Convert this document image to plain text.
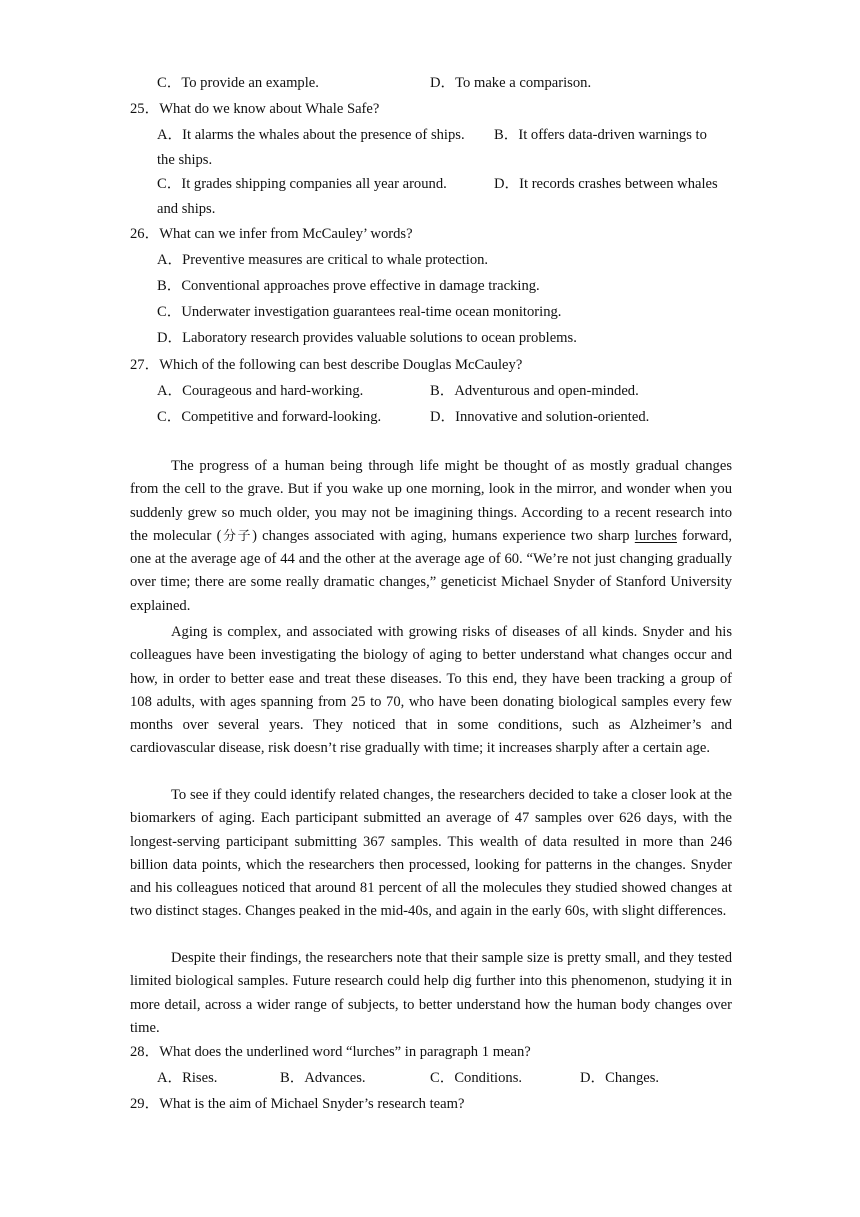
C．To provide an example.	D．To make a comparison.
25．What do we know about Whale Safe?
A．It alarms the whales about the presence of ships. B．It offers data-driven warnings to
the ships.
C．It grades shipping companies all year around.	D．It records crashes between whales
and ships.
26．What can we infer from McCauley’ words?
A．Preventive measures are critical to whale protection.
B．Conventional approaches prove effective in damage tracking.
C．Underwater investigation guarantees real-time ocean monitoring.
D．Laboratory research provides valuable solutions to ocean problems.
27．Which of the following can best describe Douglas McCauley?
A．Courageous and hard-working.	B．Adventurous and open-minded.
C．Competitive and forward-looking.	D．Innovative and solution-oriented.
The progress of a human being through life might be thought of as mostly gradual changes from the cell to the grave. But if you wake up one morning, look in the mirror, and wonder when you suddenly grew so much older, you may not be imagining things. According to a recent research into the molecular (分子) changes associated with aging, humans experience two sharp lurches forward, one at the average age of 44 and the other at the average age of 60. “We’re not just changing gradually over time; there are some really dramatic changes,” geneticist Michael Snyder of Stanford University explained.
Aging is complex, and associated with growing risks of diseases of all kinds. Snyder and his colleagues have been investigating the biology of aging to better understand what changes occur and how, in order to better ease and treat these diseases. To this end, they have been tracking a group of 108 adults, with ages spanning from 25 to 70, who have been donating biological samples every few months over several years. They noticed that in some conditions, such as Alzheimer’s and cardiovascular disease, risk doesn’t rise gradually with time; it increases sharply after a certain age.
To see if they could identify related changes, the researchers decided to take a closer look at the biomarkers of aging. Each participant submitted an average of 47 samples over 626 days, with the longest-serving participant submitting 367 samples. This wealth of data resulted in more than 246 billion data points, which the researchers then processed, looking for patterns in the changes. Snyder and his colleagues noticed that around 81 percent of all the molecules they studied showed changes at two distinct stages. Changes peaked in the mid-40s, and again in the early 60s, with slight differences.
Despite their findings, the researchers note that their sample size is pretty small, and they tested limited biological samples. Future research could help dig further into this phenomenon, studying it in more detail, across a wider range of subjects, to better understand how the human body changes over time.
28．What does the underlined word “lurches” in paragraph 1 mean?
A．Rises.	B．Advances.	C．Conditions.	D．Changes.
29．What is the aim of Michael Snyder’s research team?
